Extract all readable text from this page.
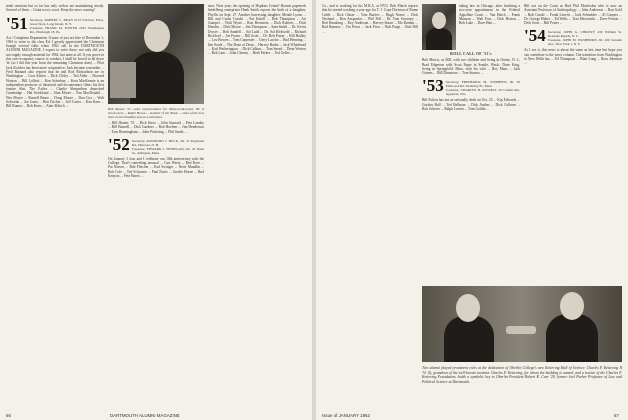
tenth reunions but so far has only widow are maintaining steady. Several of them ... Gotta scoot, scoot. Keep the news coming!

'51 Secretary, ROBERT C. BEAN 2123 Fairview Place, Great Neck, Long Island, N. Y.
Treasurer, FRANK M. FOSTER 2023 Washington Rd., Pittsburgh 18, Pa.

Art / Complaint Department. If none of you are hire of December 1, 1961 to write to the class Ed. I greatly appreciated the Christmas bourgh several folks when 1962 call in the DARTMOUTH ALUMNI MAGAZINE. I expect to write these; not only did you not supply enough material for 1962, but none at all. If you prove in this one-occupancy course of conduct, I shall be forced to all those 'in' (as I did this year from the remaining Christmas dues) ... Pilot Jack Kotcher has been more cooperative: Jack became a member ... Fred Barnard also reports that he and Rod Richardson are in Washington ... Cora Aitken ... Dick Clisby ... Ted Alder ... Howard Watson ... Bill Lolliott ... Ken Scherban ... Kent MacKenzie is an independent producer of theatrical and documentary films; his first feature film, The Exiles ... Charlie Shepardson deposited Cambridge ... Hal Strickland ... Alan Moore ... Pan MacDonald ... Wes Moore ... Russell Bauer ... Doug Moore ... Don Cox ... Walt Schwenk ... Joe Jones ... Ben Fischer ... Jeff Carter ... Ken Kern ... Bill Rumor ... Bob Kniss ... Alan Aldrich ...

Bob Bauzer '51, sales representative for Nikol-Lend-Lease. He is shown here ... Ralph Horna ... member of the Nikon ... sales of the new lines of merchandise and as a salesman.

... Bill Hunter, '51 ... Dick Knox ... John Gurnard ... Pete Landay ... Bill Buzzell ... Dick Gardner ... Bob Hoefner ... Jim Henderson ... Tom Bermingham ... John Pickering ... Phil Smith ...

'52 Secretary, RAYMOND J. BUCK, JR. 35 Raymond Rd., Hanover, N. H.
Treasurer, EDWARD J. FINNEGAN, JR. 23 Dane St., Arlington, Mass.

On January 1 four and I celebrate our 10th anniversary with the College. That's something unusual ... Curt Wertz ... Red Rose ... Pat Norton ... Bob Fletcher ... Earl Swinger ... Newt Maudlin ... Bob Cole ... Ted Schwartz ... Paul Davis ... Gordie Horne ... Bud Kenyon ... Pete Harris ...

next. Next year; the opening of Hopkins Center! Bonnie papertrek heidelberg enterprises Hank Smith reports the birth of a daughter, Phyllis on Sept. 27. Another harvesting daughter, Meade Lyons ... Bill and Curtis Condit ... Pat Kittell ... Bob Thompson ... Art Gumpel ... Walt Wyatt ... Ron Bernstein ... Dick Roberts ... Dick Hamlin ... Dick Moore ... Jim Thompson ... Sam Smith ... Dr. Kevin Dwyer ... Bob Sandell ... Sal Ladd ... Dr. Sal Klrkweld ... Richard Bickford ... Joe Fraser ... Bill Scott ... Dr. Bob Fraser ... Bill Hadley ... Lou Bowen ... Tom Carpenter ... Gerry Lawlor ... Bud Henning ... Jim Soulé ... The Dean of Dean ... Harvey Burke ... Jack Whitehead ... Karl Hetherington ... Dick Calkins ... Tom Sneed ... Dean Weston ... Bob Lam ... John Cheney ... Herb Parker ... Ted Geller ...

66	DARTMOUTH ALUMNI MAGAZINE

Co., and is working for his M.B.A. at NYU. Bob Marsh reports that he started working a year ago for T. J. Cope Division of Rome Cable ... Dick Glaser ... Tom Burlew ... Hugh Nance ... Dick Neslund ... Ron Anspoulos ... Phil Fell ... Dr. Tom Sweeney ... Bob Hanaburg ... Roy Anderson ... Harvey Stuart ... Mo Dunbar ... Rod Ramsey ... Vin Pesce ... Jack Price ... Bob Paige ... Bob Hill ...

taking law in Chicago, after finishing a two-year appointment in the Federal Appellate Court. ... Van Hatch ... Frank Munson ... Walt Foss ... Dick Horton ... Bob Lake ... Dave Hart ...

ROLL CALL OF '53's

Bob Morris, as MD, with two children and living in Orrine, N. J.; Brad Edgerton with Scott Paper in Seattle, Wash.; Dave King, living in Springfield, Mass. with his wife ... Roy Maas ... Jack Grimes ... Bill Dinsmore ... Tom Strauss ...

'53 Secretary, FREDERICK M. STEPHENS JR. 59 Elmwood Rd. Wellesley 81, Mass.
Treasurer, CHARLES H. RUSSELL 29 Cadam Rd., Appleton, Wis.

Bill Fulton has not as rationally dealt on Oct. 25 ... Kip Edwards ... Gordon Hall ... Ted Bellman ... Dick Andres ... Dick Colburn ... Bob Scherer ... Ralph Larsen ... Tom Goldin ...

Bill out on the Coast as Bud Phil Motelsohn who is now an Assistant Professor of Anthropology ... John Anderson ... Ron Gold ... Bob Goode ... Frank Leavitt ... Jack Schneider ... Al Caspers ... Dr. George Huber ... Ed Wells ... Tom Mescenski ... Dave Fenton ... Dick Scott ... Bill Porter ...

'54 Secretary, JOHN G. CHRISTY 439 William St. Roanoke Rapids, N. C.
Treasurer, JOHN M. WASHBURN, JR. 430 Seventh Ave., New York 1, N. Y.

As I see it, this news is about the same as last time but hope you can contribute to the news column. The transition from Washington to New Delhi has ... Ed Thompson ... Blair Long ... Ross Johnston ...

Two alumni played prominent roles at the dedication of Oberlin College's new Kettering Hall of Science. Charles F. Kettering II '51 (l), grandson of the well-known inventor Charles F. Kettering, for whom the building is named, and a trustee of the Charles F. Kettering Foundation, holds a symbolic key to Oberlin President Robert K. Carr '29, former Joel Parker Professor of Law and Political Science at Dartmouth.

Issue of JANUARY 1962	67
